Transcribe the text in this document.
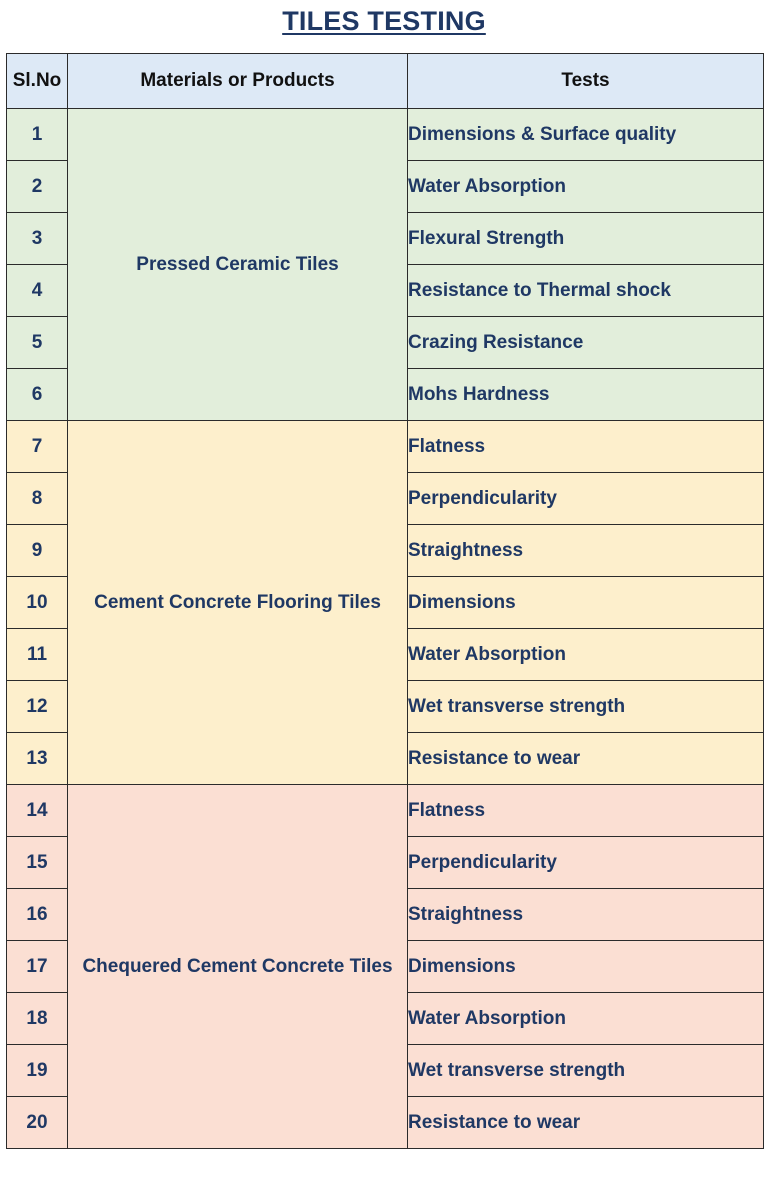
TILES TESTING
Sl.No	Materials or Products	Tests
1	Pressed Ceramic Tiles	Dimensions & Surface quality
2		Water Absorption
3		Flexural Strength
4		Resistance to Thermal shock
5		Crazing Resistance
6		Mohs Hardness
7	Cement Concrete Flooring Tiles	Flatness
8		Perpendicularity
9		Straightness
10		Dimensions
11		Water Absorption
12		Wet transverse strength
13		Resistance to wear
14	Chequered Cement Concrete Tiles	Flatness
15		Perpendicularity
16		Straightness
17		Dimensions
18		Water Absorption
19		Wet transverse strength
20		Resistance to wear
